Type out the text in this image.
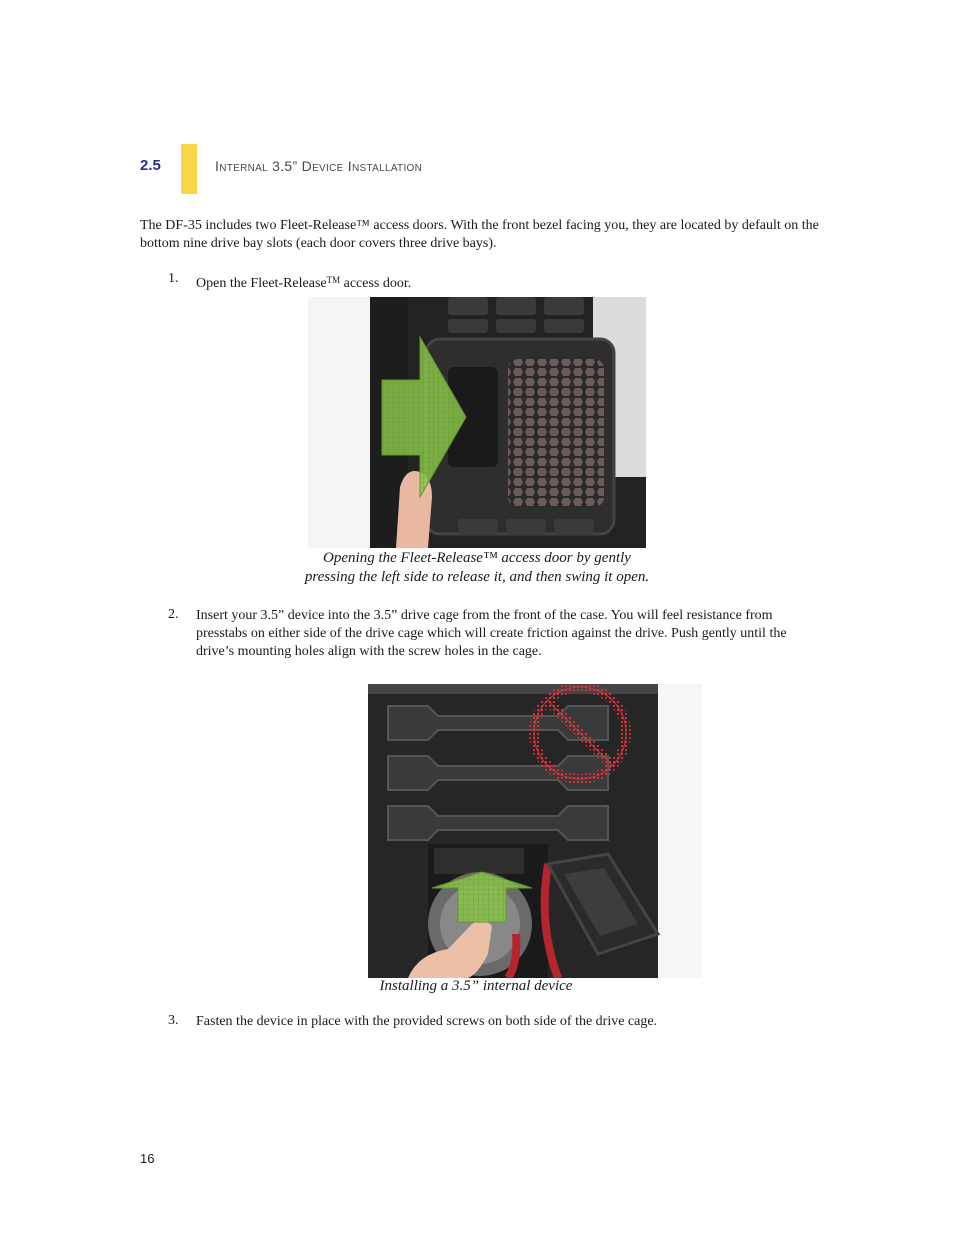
2.5	Internal 3.5” Device Installation
The DF-35 includes two Fleet-Release™ access doors. With the front bezel facing you, they are located by default on the bottom nine drive bay slots (each door covers three drive bays).
1. Open the Fleet-Release™ access door.
Opening the Fleet-Release™ access door by gently
pressing the left side to release it, and then swing it open.
2. Insert your 3.5” device into the 3.5” drive cage from the front of the case. You will feel resistance from presstabs on either side of the drive cage which will create friction against the drive. Push gently until the drive’s mounting holes align with the screw holes in the cage.
Installing a 3.5” internal device
3. Fasten the device in place with the provided screws on both side of the drive cage.
16
